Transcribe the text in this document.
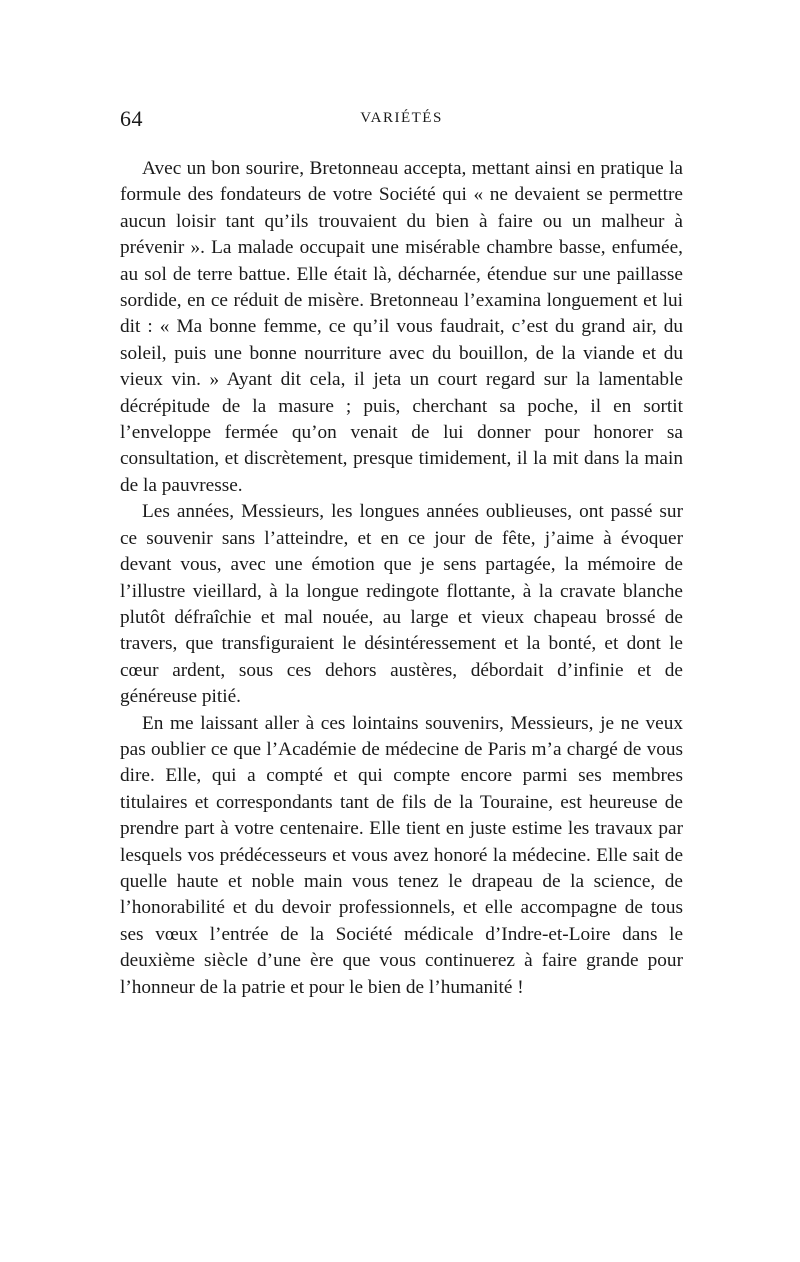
64	VARIÉTÉS

Avec un bon sourire, Bretonneau accepta, mettant ainsi en pratique la formule des fondateurs de votre Société qui « ne devaient se permettre aucun loisir tant qu’ils trouvaient du bien à faire ou un malheur à prévenir ». La malade occupait une misérable chambre basse, enfumée, au sol de terre battue. Elle était là, décharnée, étendue sur une paillasse sordide, en ce réduit de misère. Bretonneau l’examina longuement et lui dit : « Ma bonne femme, ce qu’il vous faudrait, c’est du grand air, du soleil, puis une bonne nourriture avec du bouillon, de la viande et du vieux vin. » Ayant dit cela, il jeta un court regard sur la lamentable décrépitude de la masure ; puis, cherchant sa poche, il en sortit l’enveloppe fermée qu’on venait de lui donner pour honorer sa consultation, et discrètement, presque timidement, il la mit dans la main de la pauvresse.

Les années, Messieurs, les longues années oublieuses, ont passé sur ce souvenir sans l’atteindre, et en ce jour de fête, j’aime à évoquer devant vous, avec une émotion que je sens partagée, la mémoire de l’illustre vieillard, à la longue redingote flottante, à la cravate blanche plutôt défraîchie et mal nouée, au large et vieux chapeau brossé de travers, que transfiguraient le désintéressement et la bonté, et dont le cœur ardent, sous ces dehors austères, débordait d’infinie et de généreuse pitié.

En me laissant aller à ces lointains souvenirs, Messieurs, je ne veux pas oublier ce que l’Académie de médecine de Paris m’a chargé de vous dire. Elle, qui a compté et qui compte encore parmi ses membres titulaires et correspondants tant de fils de la Touraine, est heureuse de prendre part à votre centenaire. Elle tient en juste estime les travaux par lesquels vos prédécesseurs et vous avez honoré la médecine. Elle sait de quelle haute et noble main vous tenez le drapeau de la science, de l’honorabilité et du devoir professionnels, et elle accompagne de tous ses vœux l’entrée de la Société médicale d’Indre-et-Loire dans le deuxième siècle d’une ère que vous continuerez à faire grande pour l’honneur de la patrie et pour le bien de l’humanité !
